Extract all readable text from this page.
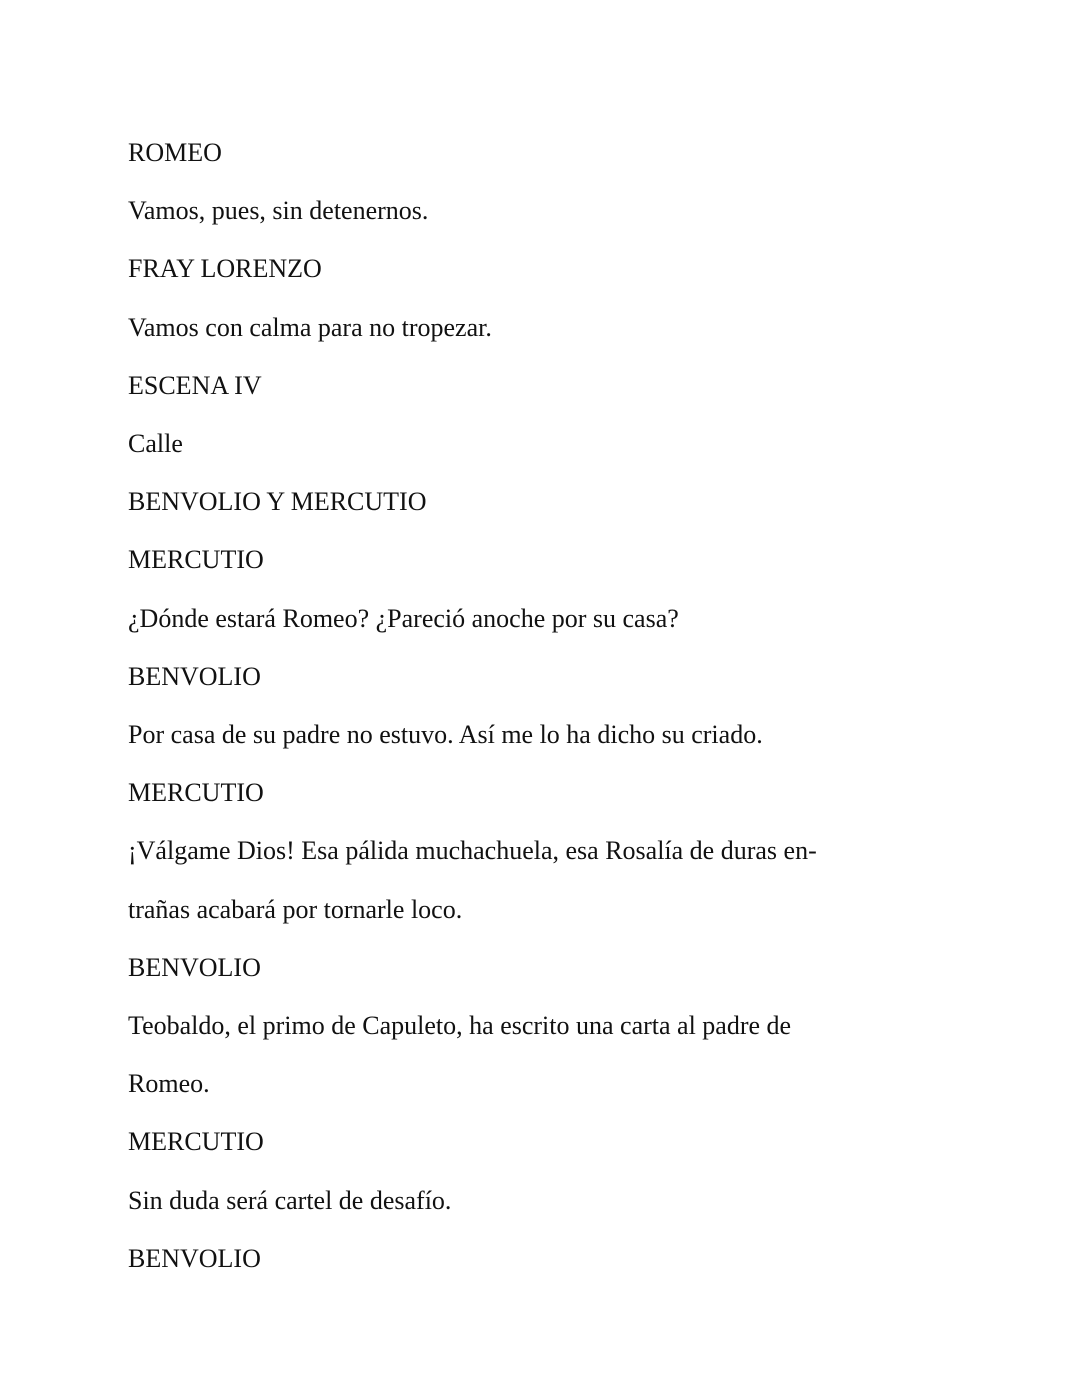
ROMEO

Vamos, pues, sin detenernos.

FRAY LORENZO

Vamos con calma para no tropezar.

ESCENA IV

Calle

BENVOLIO Y MERCUTIO

MERCUTIO

¿Dónde estará Romeo? ¿Pareció anoche por su casa?

BENVOLIO

Por casa de su padre no estuvo. Así me lo ha dicho su criado.

MERCUTIO

¡Válgame Dios! Esa pálida muchachuela, esa Rosalía de duras en-

trañas acabará por tornarle loco.

BENVOLIO

Teobaldo, el primo de Capuleto, ha escrito una carta al padre de

Romeo.

MERCUTIO

Sin duda será cartel de desafío.

BENVOLIO
